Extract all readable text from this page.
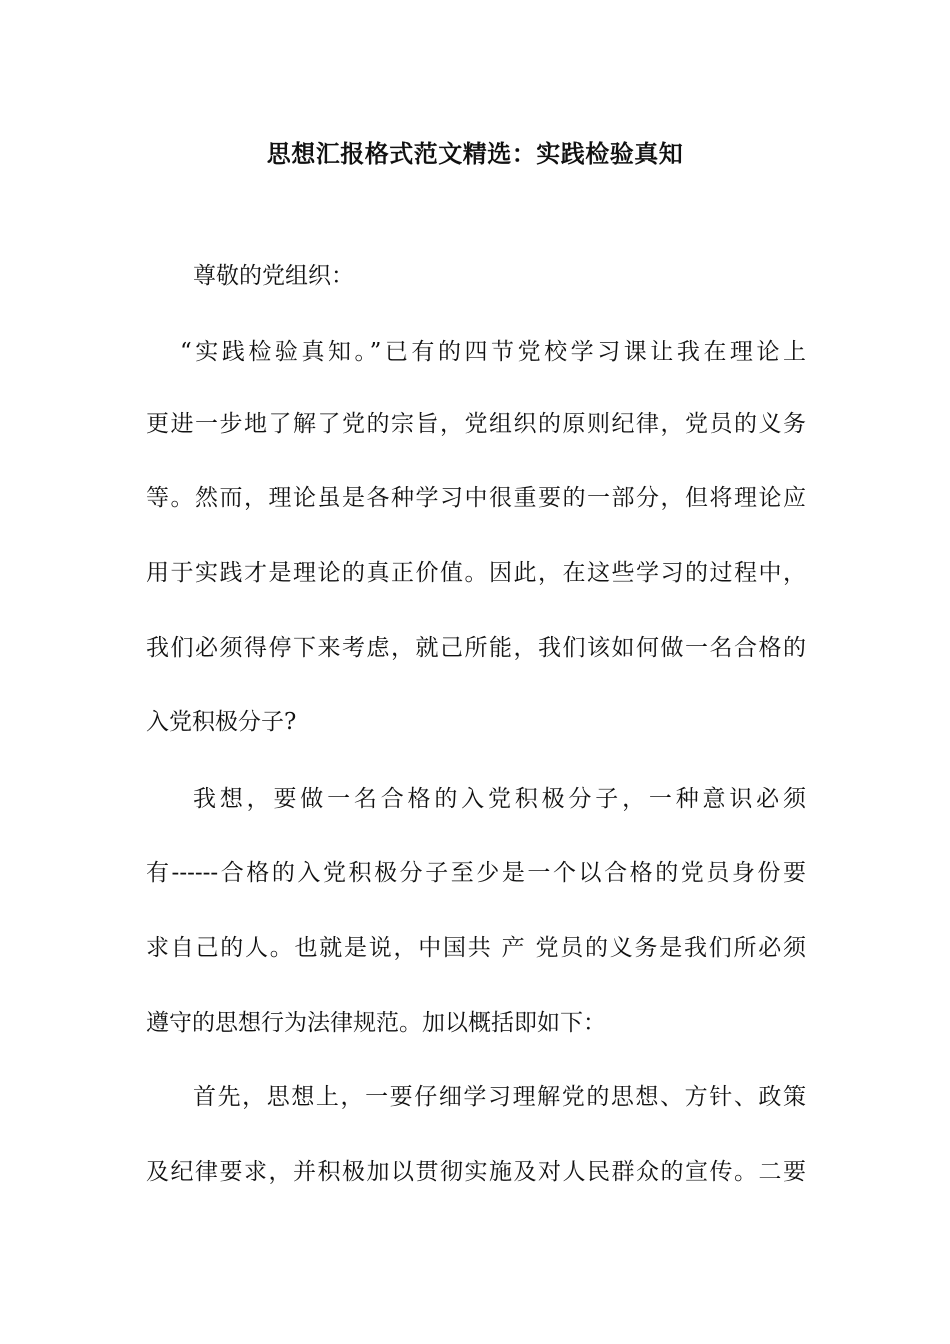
思想汇报格式范文精选：实践检验真知
尊敬的党组织：
“实践检验真知。”已有的四节党校学习课让我在理论上
更进一步地了解了党的宗旨，党组织的原则纪律，党员的义务
等。然而，理论虽是各种学习中很重要的一部分，但将理论应
用于实践才是理论的真正价值。因此，在这些学习的过程中，
我们必须得停下来考虑，就己所能，我们该如何做一名合格的
入党积极分子?
我想，要做一名合格的入党积极分子，一种意识必须
有------合格的入党积极分子至少是一个以合格的党员身份要
求自己的人。也就是说，中国共 产 党员的义务是我们所必须
遵守的思想行为法律规范。加以概括即如下：
首先，思想上，一要仔细学习理解党的思想、方针、政策
及纪律要求，并积极加以贯彻实施及对人民群众的宣传。二要
